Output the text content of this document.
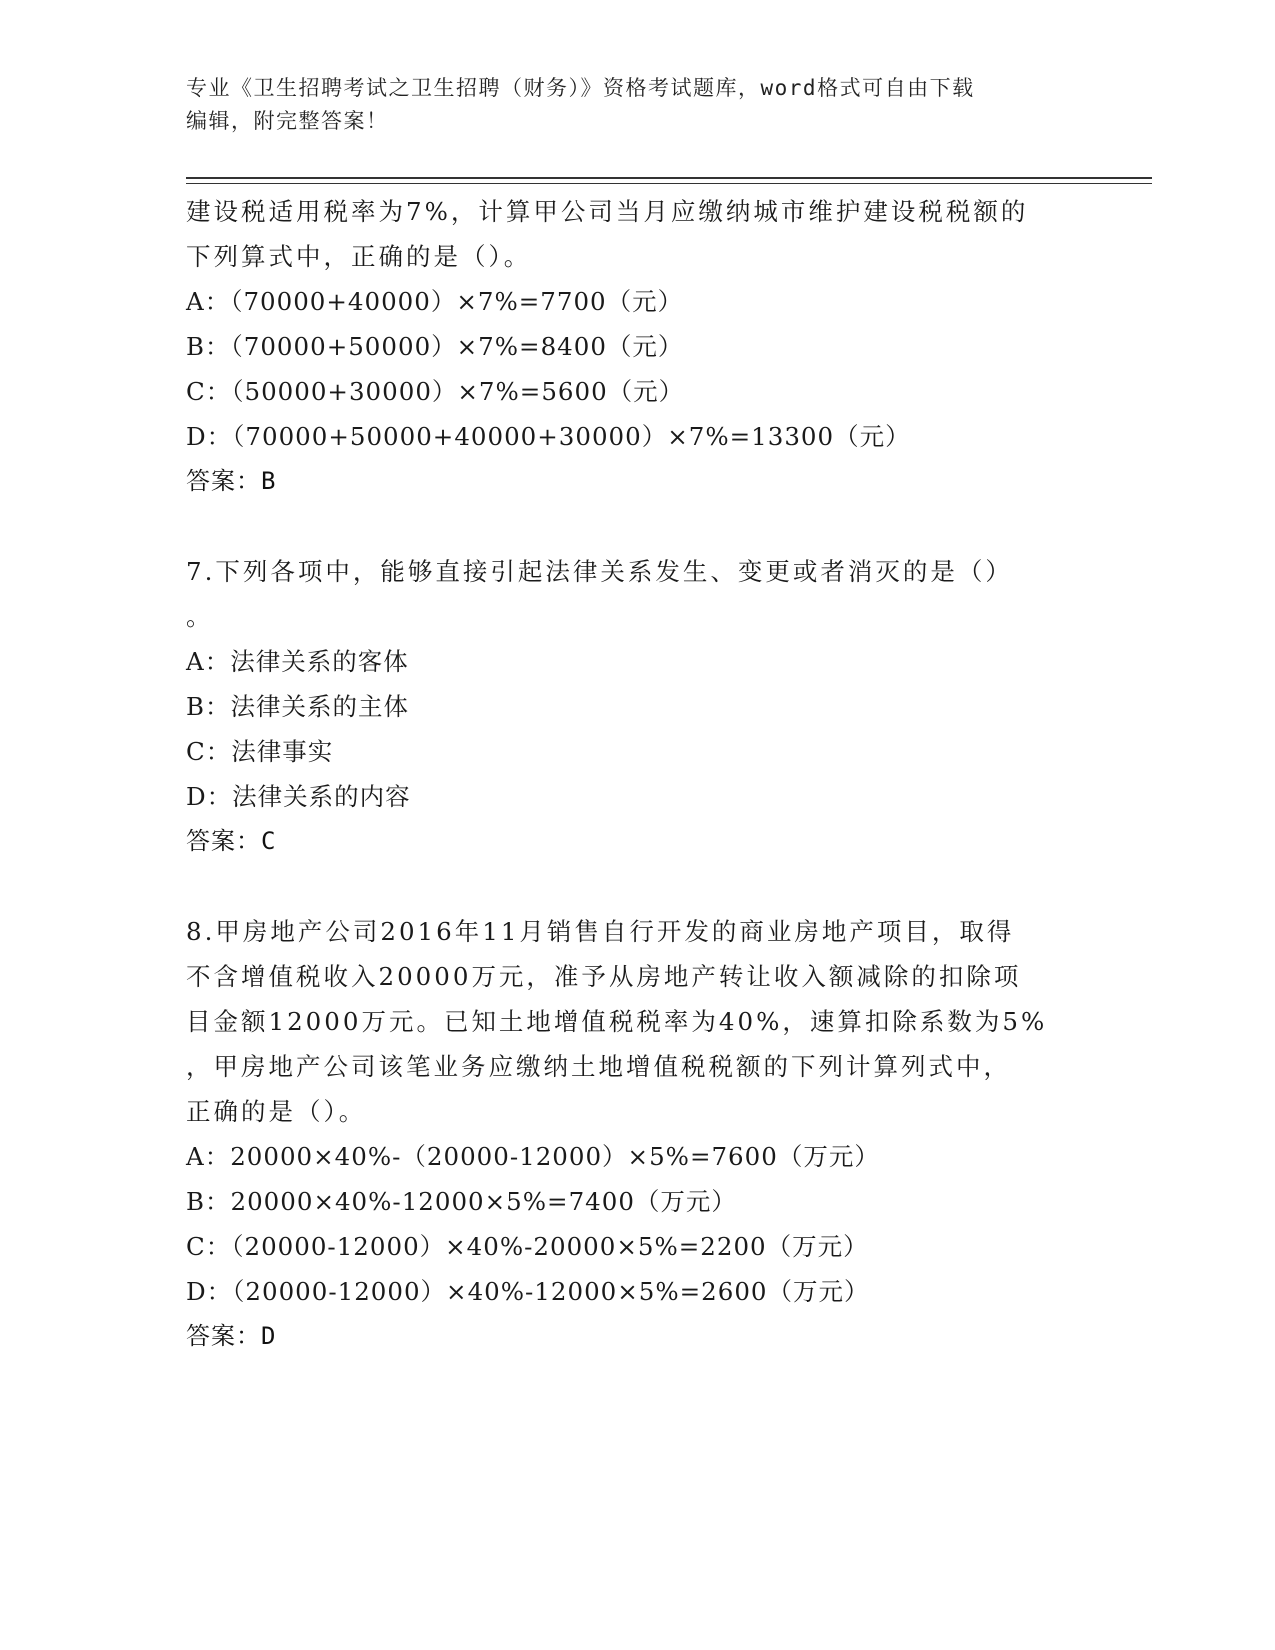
专业《卫生招聘考试之卫生招聘（财务）》资格考试题库，word格式可自由下载
编辑，附完整答案！
建设税适用税率为7%，计算甲公司当月应缴纳城市维护建设税税额的
下列算式中，正确的是（）。
A：（70000+40000）×7%=7700（元）
B：（70000+50000）×7%=8400（元）
C：（50000+30000）×7%=5600（元）
D：（70000+50000+40000+30000）×7%=13300（元）
答案：B
7.下列各项中，能够直接引起法律关系发生、变更或者消灭的是（）
。
A：法律关系的客体
B：法律关系的主体
C：法律事实
D：法律关系的内容
答案：C
8.甲房地产公司2016年11月销售自行开发的商业房地产项目，取得
不含增值税收入20000万元，准予从房地产转让收入额减除的扣除项
目金额12000万元。已知土地增值税税率为40%，速算扣除系数为5%
，甲房地产公司该笔业务应缴纳土地增值税税额的下列计算列式中，
正确的是（）。
A：20000×40%-（20000-12000）×5%=7600（万元）
B：20000×40%-12000×5%=7400（万元）
C：（20000-12000）×40%-20000×5%=2200（万元）
D：（20000-12000）×40%-12000×5%=2600（万元）
答案：D
